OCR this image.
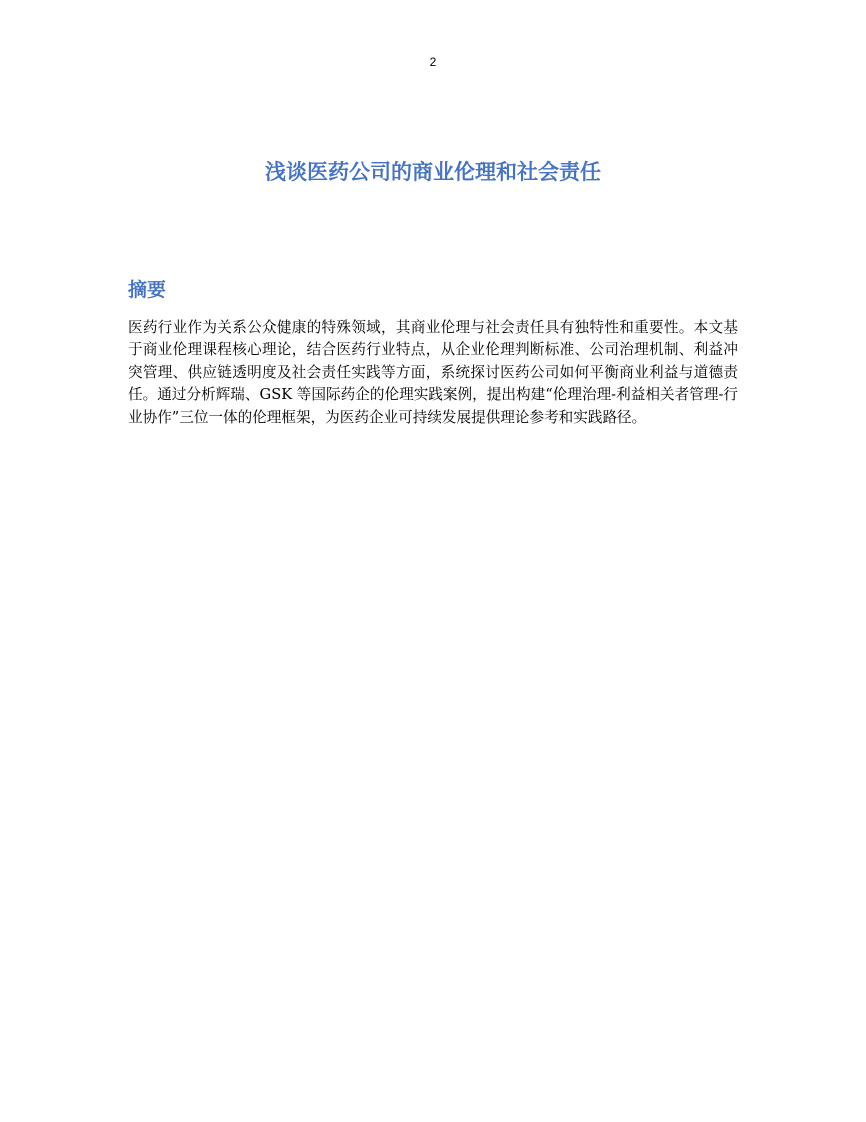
2
浅谈医药公司的商业伦理和社会责任
摘要

医药行业作为关系公众健康的特殊领域，其商业伦理与社会责任具有独特性和重要性。本文基于商业伦理课程核心理论，结合医药行业特点，从企业伦理判断标准、公司治理机制、利益冲突管理、供应链透明度及社会责任实践等方面，系统探讨医药公司如何平衡商业利益与道德责任。通过分析辉瑞、GSK 等国际药企的伦理实践案例，提出构建“伦理治理-利益相关者管理-行业协作”三位一体的伦理框架，为医药企业可持续发展提供理论参考和实践路径。
